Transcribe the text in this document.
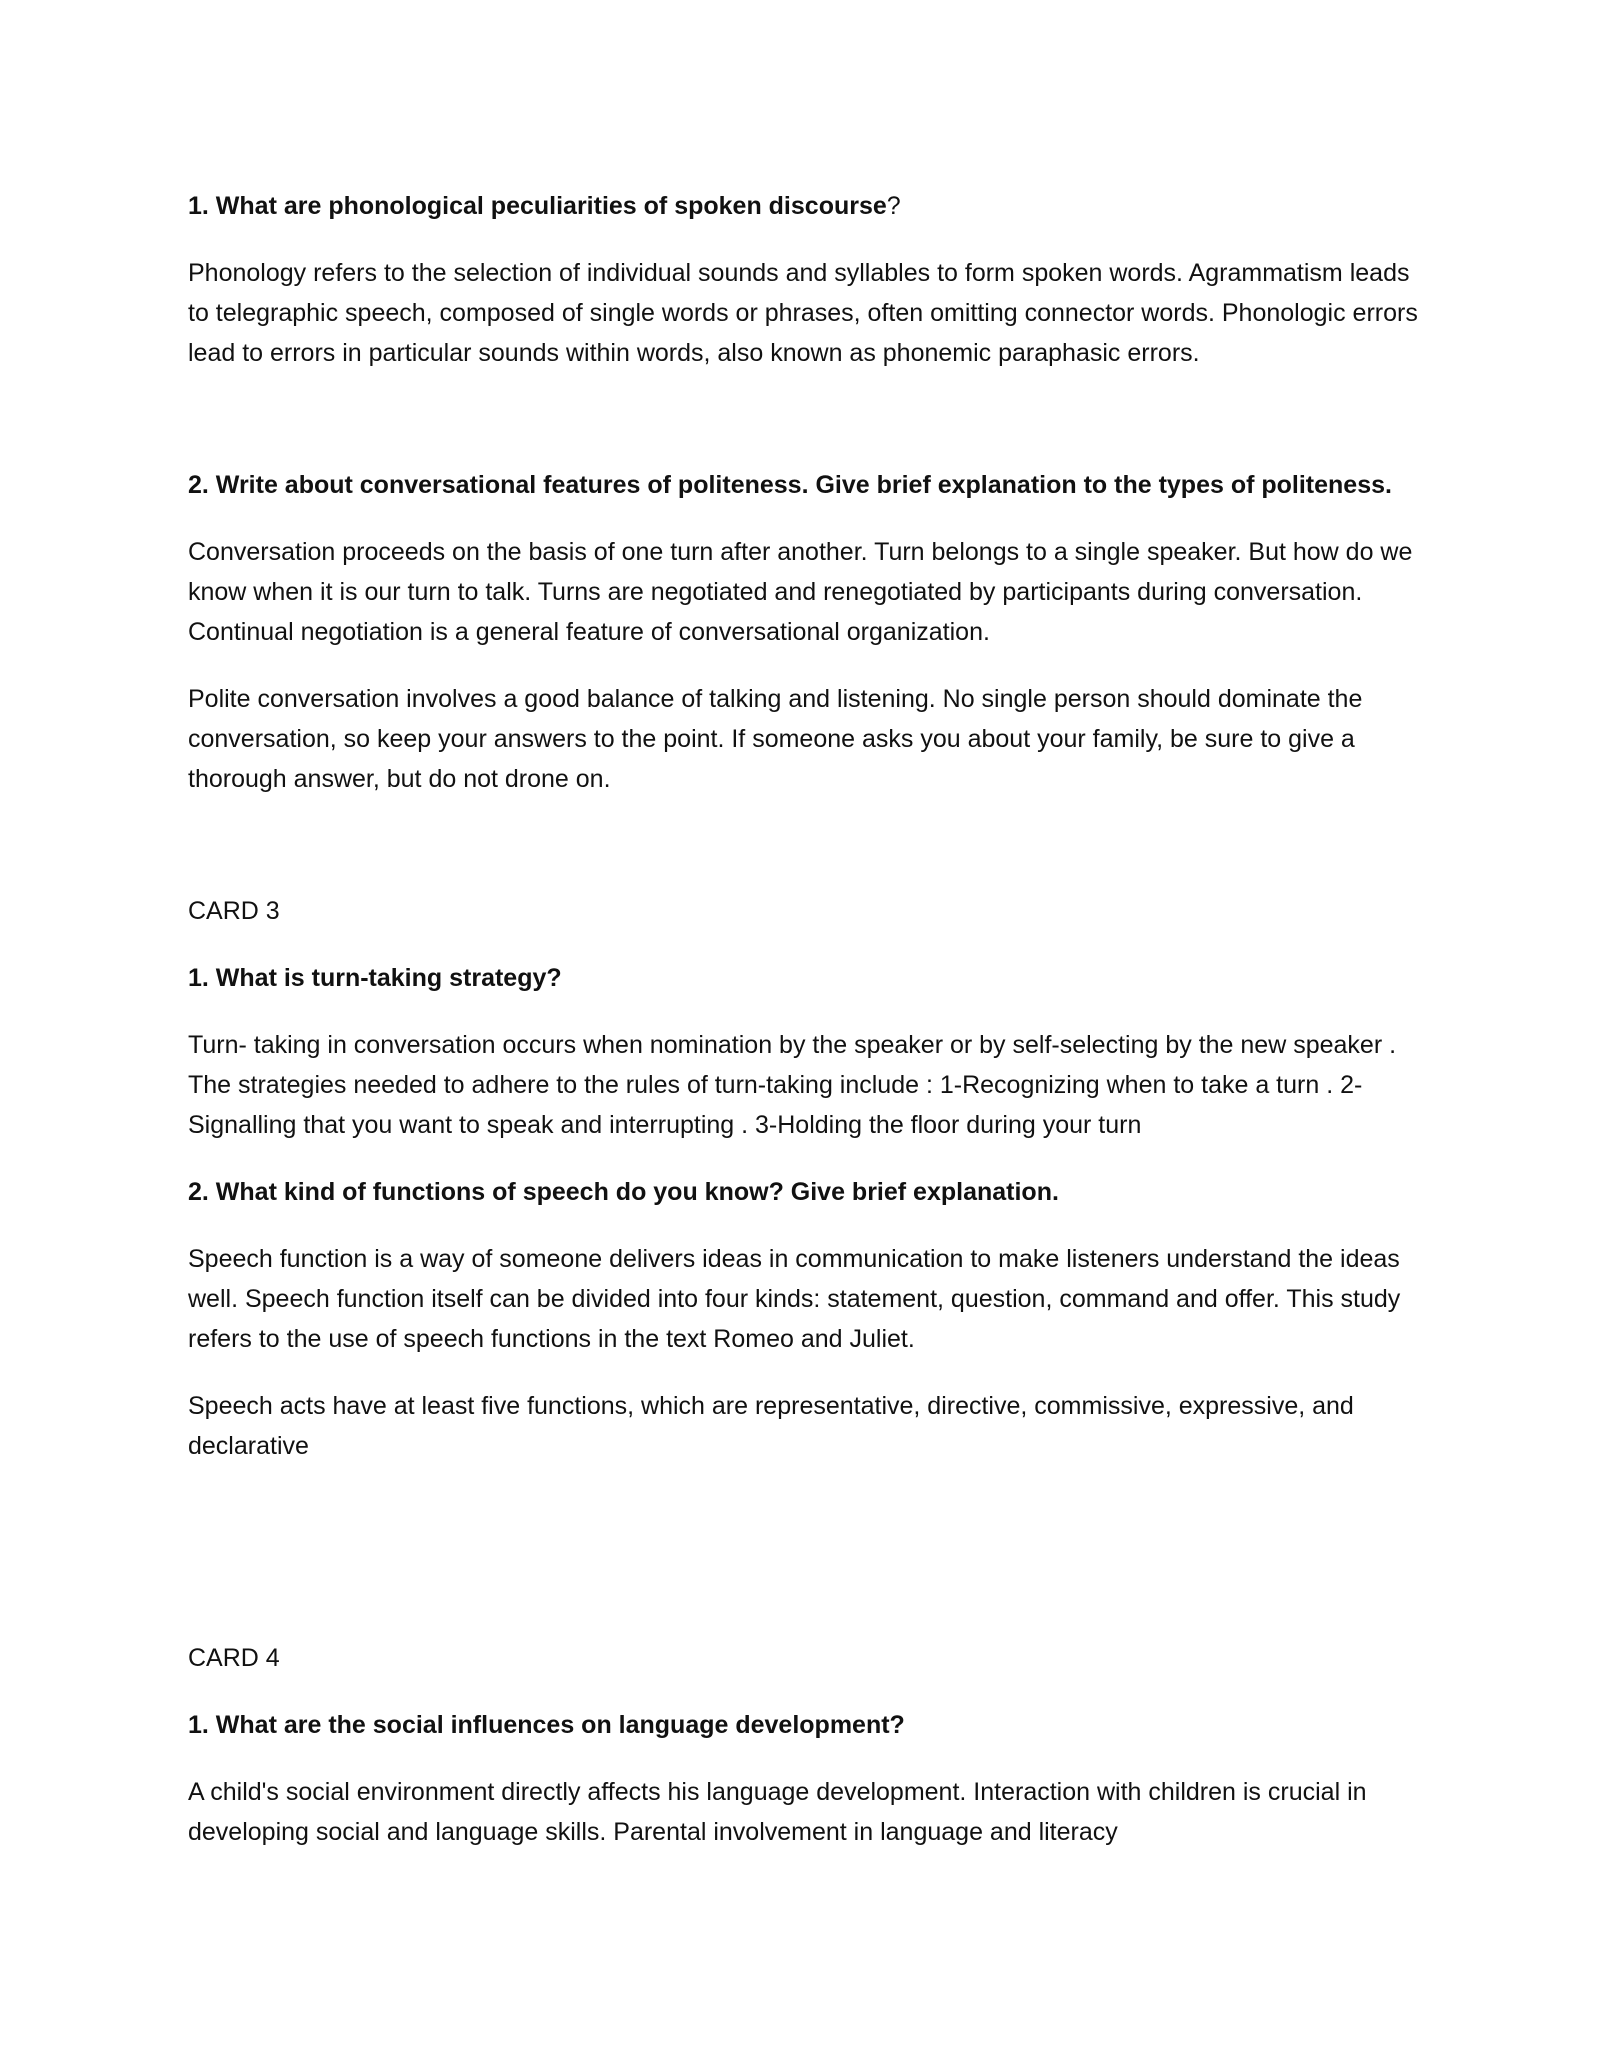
1. What are phonological peculiarities of spoken discourse?

Phonology refers to the selection of individual sounds and syllables to form spoken words. Agrammatism leads to telegraphic speech, composed of single words or phrases, often omitting connector words. Phonologic errors lead to errors in particular sounds within words, also known as phonemic paraphasic errors.

2. Write about conversational features of politeness. Give brief explanation to the types of politeness.

Conversation proceeds on the basis of one turn after another. Turn belongs to a single speaker. But how do we know when it is our turn to talk. Turns are negotiated and renegotiated by participants during conversation. Continual negotiation is a general feature of conversational organization.

Polite conversation involves a good balance of talking and listening. No single person should dominate the conversation, so keep your answers to the point. If someone asks you about your family, be sure to give a thorough answer, but do not drone on.

CARD 3

1. What is turn-taking strategy?

Turn- taking in conversation occurs when nomination by the speaker or by self-selecting by the new speaker . The strategies needed to adhere to the rules of turn-taking include : 1-Recognizing when to take a turn . 2- Signalling that you want to speak and interrupting . 3-Holding the floor during your turn

2. What kind of functions of speech do you know? Give brief explanation.

Speech function is a way of someone delivers ideas in communication to make listeners understand the ideas well. Speech function itself can be divided into four kinds: statement, question, command and offer. This study refers to the use of speech functions in the text Romeo and Juliet.

Speech acts have at least five functions, which are representative, directive, commissive, expressive, and declarative

CARD 4

1. What are the social influences on language development?

A child's social environment directly affects his language development. Interaction with children is crucial in developing social and language skills. Parental involvement in language and literacy
